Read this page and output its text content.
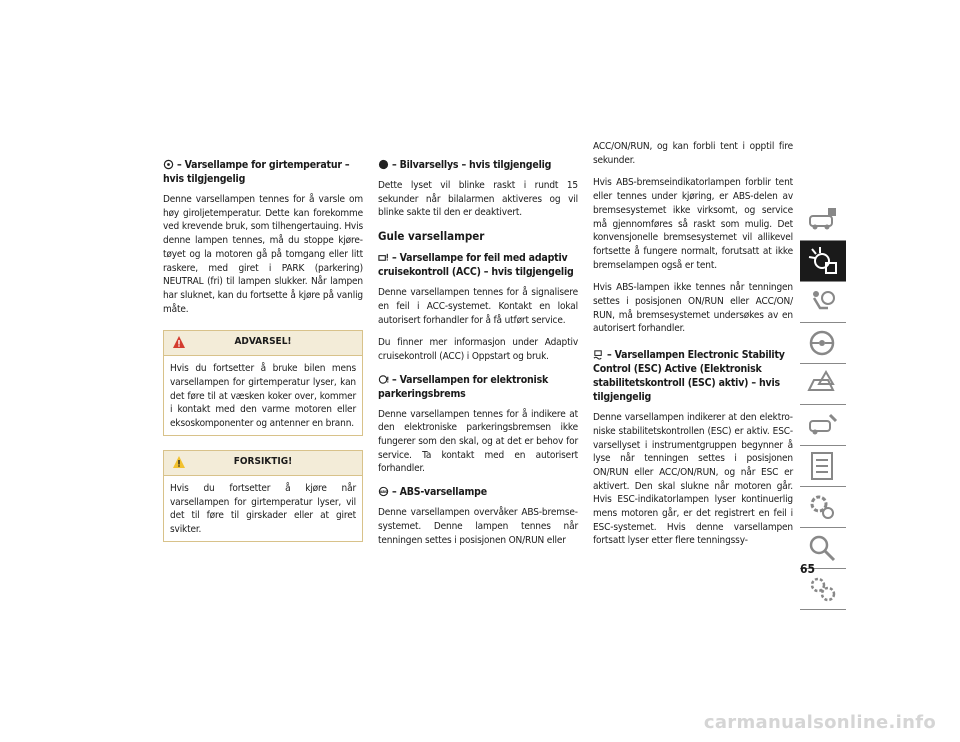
– Varsellampe for girtemperatur – hvis tilgjengelig

Denne varsellampen tennes for å varsle om høy giroljetemperatur. Dette kan forekomme ved krevende bruk, som tilhengertauing. Hvis denne lampen tennes, må du stoppe kjøretøyet og la motoren gå på tomgang eller litt raskere, med giret i PARK (parkering) NEUTRAL (fri) til lampen slukker. Når lampen har sluknet, kan du fortsette å kjøre på vanlig måte.

ADVARSEL!

Hvis du fortsetter å bruke bilen mens varsellampen for girtemperatur lyser, kan det føre til at væsken koker over, kommer i kontakt med den varme motoren eller eksoskomponenter og antenner en brann.

FORSIKTIG!

Hvis du fortsetter å kjøre når varsellampen for girtemperatur lyser, vil det til føre til girskader eller at giret svikter.

– Bilvarsellys – hvis tilgjengelig

Dette lyset vil blinke raskt i rundt 15 sekunder når bilalarmen aktiveres og vil blinke sakte til den er deaktivert.

Gule varsellamper
– Varsellampe for feil med adaptiv cruisekontroll (ACC) – hvis tilgjengelig

Denne varsellampen tennes for å signalisere en feil i ACC-systemet. Kontakt en lokal autorisert forhandler for å få utført service.

Du finner mer informasjon under Adaptiv cruisekontroll (ACC) i Oppstart og bruk.

– Varsellampen for elektronisk parkeringsbrems

Denne varsellampen tennes for å indikere at den elektroniske parkeringsbremsen ikke fungerer som den skal, og at det er behov for service. Ta kontakt med en autorisert forhandler.

ABS – ABS-varsellampe

Denne varsellampen overvåker ABS-bremsesystemet. Denne lampen tennes når tenningen settes i posisjonen ON/RUN eller

ACC/ON/RUN, og kan forbli tent i opptil fire sekunder.

Hvis ABS-bremseindikatorlampen forblir tent eller tennes under kjøring, er ABS-delen av bremsesystemet ikke virksomt, og service må gjennomføres så raskt som mulig. Det konvensjonelle bremsesystemet vil allikevel fortsette å fungere normalt, forutsatt at ikke bremselampen også er tent.

Hvis ABS-lampen ikke tennes når tenningen settes i posisjonen ON/RUN eller ACC/ON/ RUN, må bremsesystemet undersøkes av en autorisert forhandler.

– Varsellampen Electronic Stability Control (ESC) Active (Elektronisk stabilitetskontroll (ESC) aktiv) – hvis tilgjengelig

Denne varsellampen indikerer at den elektroniske stabilitetskontrollen (ESC) er aktiv. ESC-varsellyset i instrumentgruppen begynner å lyse når tenningen settes i posisjonen ON/RUN eller ACC/ON/RUN, og når ESC er aktivert. Den skal slukne når motoren går. Hvis ESC-indikatorlampen lyser kontinuerlig mens motoren går, er det registrert en feil i ESC-systemet. Hvis denne varsellampen fortsatt lyser etter flere tenningssy-

65
carmanualsonline.info
